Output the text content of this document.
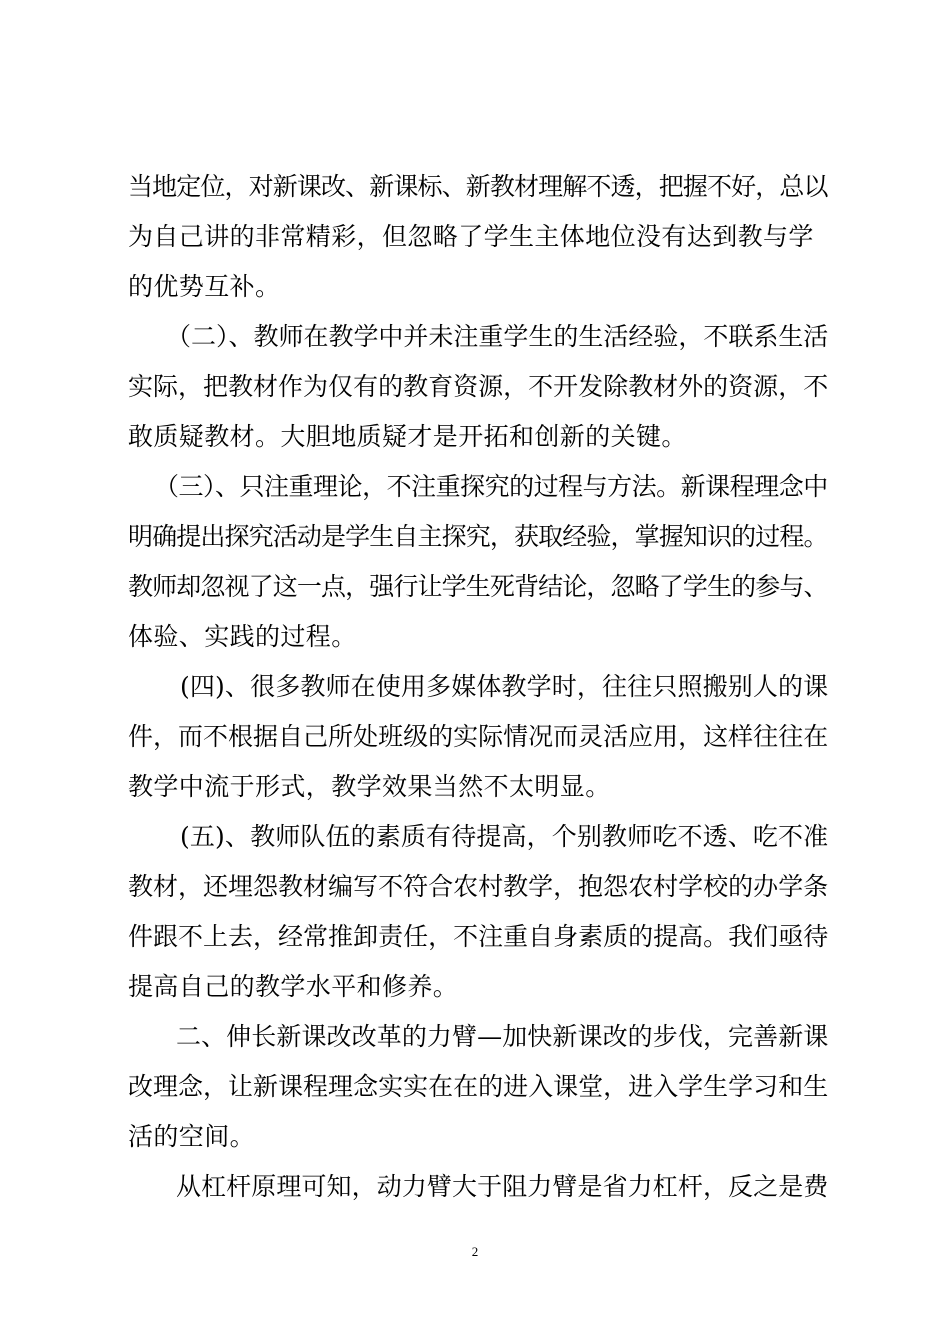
当地定位，对新课改、新课标、新教材理解不透，把握不好，总以
为自己讲的非常精彩，但忽略了学生主体地位没有达到教与学
的优势互补。
（二）、教师在教学中并未注重学生的生活经验，不联系生活
实际，把教材作为仅有的教育资源，不开发除教材外的资源，不
敢质疑教材。大胆地质疑才是开拓和创新的关键。
（三）、只注重理论，不注重探究的过程与方法。新课程理念中
明确提出探究活动是学生自主探究，获取经验，掌握知识的过程。
教师却忽视了这一点，强行让学生死背结论，忽略了学生的参与、
体验、实践的过程。
(四)、很多教师在使用多媒体教学时，往往只照搬别人的课
件，而不根据自己所处班级的实际情况而灵活应用，这样往往在
教学中流于形式，教学效果当然不太明显。
(五)、教师队伍的素质有待提高，个别教师吃不透、吃不准
教材，还埋怨教材编写不符合农村教学，抱怨农村学校的办学条
件跟不上去，经常推卸责任，不注重自身素质的提高。我们亟待
提高自己的教学水平和修养。
二、伸长新课改改革的力臂—加快新课改的步伐，完善新课
改理念，让新课程理念实实在在的进入课堂，进入学生学习和生
活的空间。
从杠杆原理可知，动力臂大于阻力臂是省力杠杆，反之是费
2
